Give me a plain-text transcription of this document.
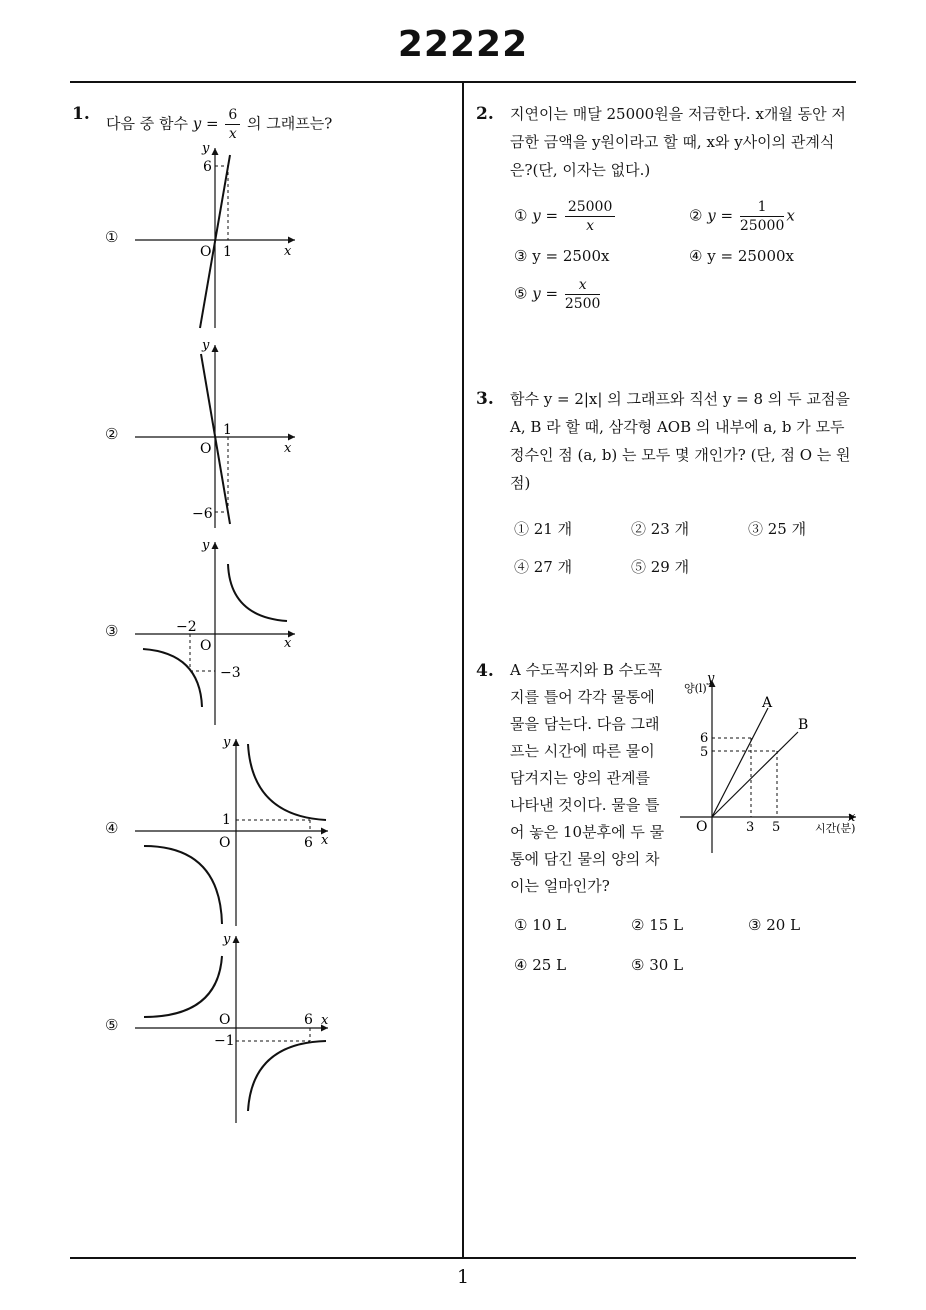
22222
1
1. 다음 중 함수 $y = \frac{6}{x}$ 의 그래프는?
①
②
③
④
⑤
y
x
O
6
1
y
x
O
1
−6
y
x
O
−2
−3
y
x
O
1
6
y
x
O	6
−1
2. 지연이는 매달 25000원을 저금한다. x개월 동안 저
금한 금액을 y원이라고 할 때, x와 y사이의 관계식
은?(단, 이자는 없다.)
① $y = \frac{25000}{x}$	② $y = \frac{1}{25000}$ x
③ y = 2500x	④ y = 25000x
⑤ $y = \frac{x}{2500}$
3. 함수 y = 2|x| 의 그래프와 직선 y = 8 의 두 교점을
A, B 라 할 때, 삼각형 AOB 의 내부에 a, b 가 모두
정수인 점 (a, b) 는 모두 몇 개인가? (단, 점 O 는 원
점)
① 21 개	② 23 개	③ 25 개
④ 27 개	⑤ 29 개
4. A 수도꼭지와 B 수도꼭
지를 틀어 각각 물통에
물을 담는다. 다음 그래
프는 시간에 따른 물이
담겨지는 양의 관계를
나타낸 것이다. 물을 틀
어 놓은 10분후에 두 물
통에 담긴 물의 양의 차
이는 얼마인가?
양(l)
y
x
시간(분)
O
A
B
6
5
3 5
① 10 L	② 15 L	③ 20 L
④ 25 L	⑤ 30 L
